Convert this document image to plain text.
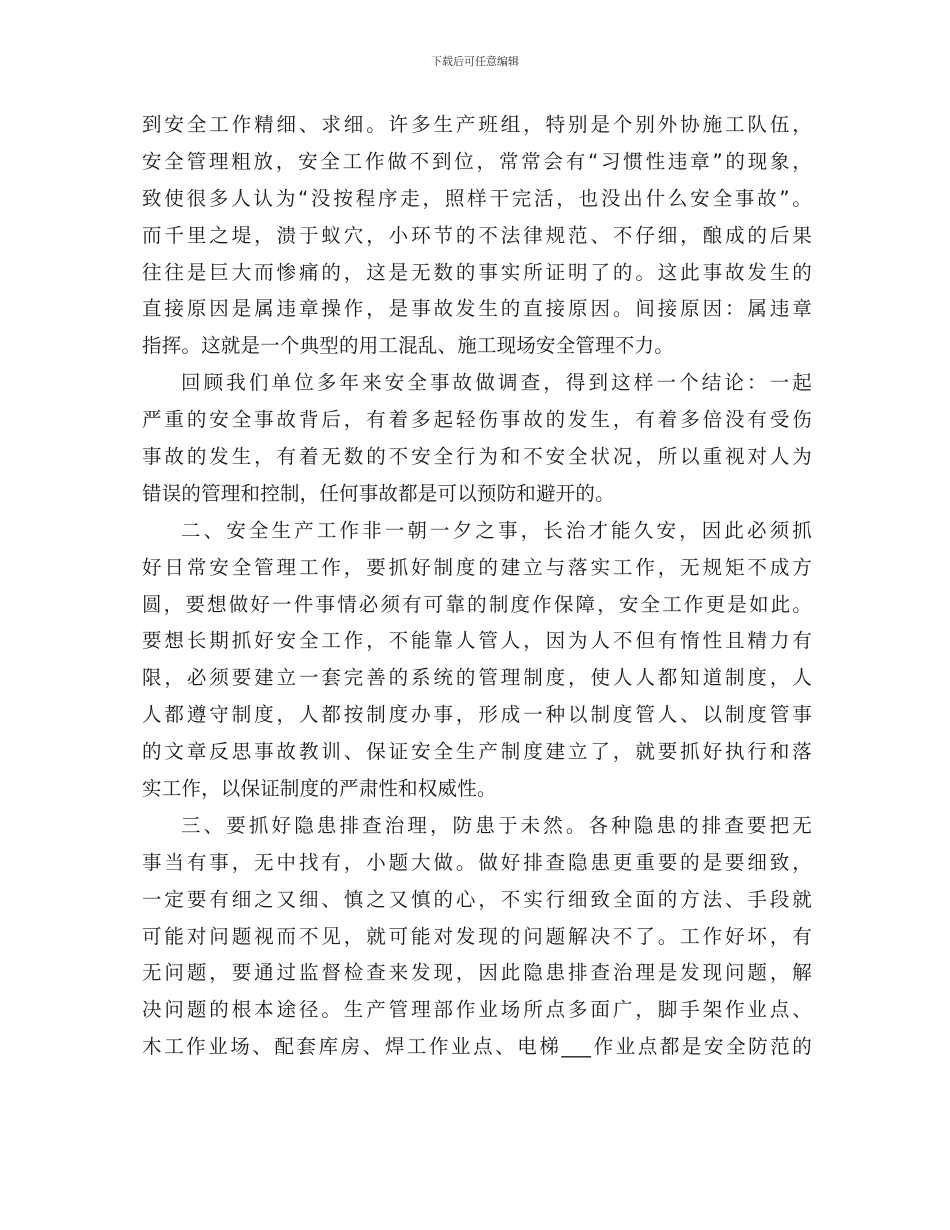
下载后可任意编辑
到安全工作精细、求细。许多生产班组，特别是个别外协施工队伍，
安全管理粗放，安全工作做不到位，常常会有“习惯性违章”的现象，
致使很多人认为“没按程序走，照样干完活，也没出什么安全事故”。
而千里之堤，溃于蚁穴，小环节的不法律规范、不仔细，酿成的后果
往往是巨大而惨痛的，这是无数的事实所证明了的。这此事故发生的
直接原因是属违章操作，是事故发生的直接原因。间接原因：属违章
指挥。这就是一个典型的用工混乱、施工现场安全管理不力。
回顾我们单位多年来安全事故做调查，得到这样一个结论：一起
严重的安全事故背后，有着多起轻伤事故的发生，有着多倍没有受伤
事故的发生，有着无数的不安全行为和不安全状况，所以重视对人为
错误的管理和控制，任何事故都是可以预防和避开的。
二、安全生产工作非一朝一夕之事，长治才能久安，因此必须抓
好日常安全管理工作，要抓好制度的建立与落实工作，无规矩不成方
圆，要想做好一件事情必须有可靠的制度作保障，安全工作更是如此。
要想长期抓好安全工作，不能靠人管人，因为人不但有惰性且精力有
限，必须要建立一套完善的系统的管理制度，使人人都知道制度，人
人都遵守制度，人都按制度办事，形成一种以制度管人、以制度管事
的文章反思事故教训、保证安全生产制度建立了，就要抓好执行和落
实工作，以保证制度的严肃性和权威性。
三、要抓好隐患排查治理，防患于未然。各种隐患的排查要把无
事当有事，无中找有，小题大做。做好排查隐患更重要的是要细致，
一定要有细之又细、慎之又慎的心，不实行细致全面的方法、手段就
可能对问题视而不见，就可能对发现的问题解决不了。工作好坏，有
无问题，要通过监督检查来发现，因此隐患排查治理是发现问题，解
决问题的根本途径。生产管理部作业场所点多面广，脚手架作业点、
木工作业场、配套库房、焊工作业点、电梯___作业点都是安全防范的
